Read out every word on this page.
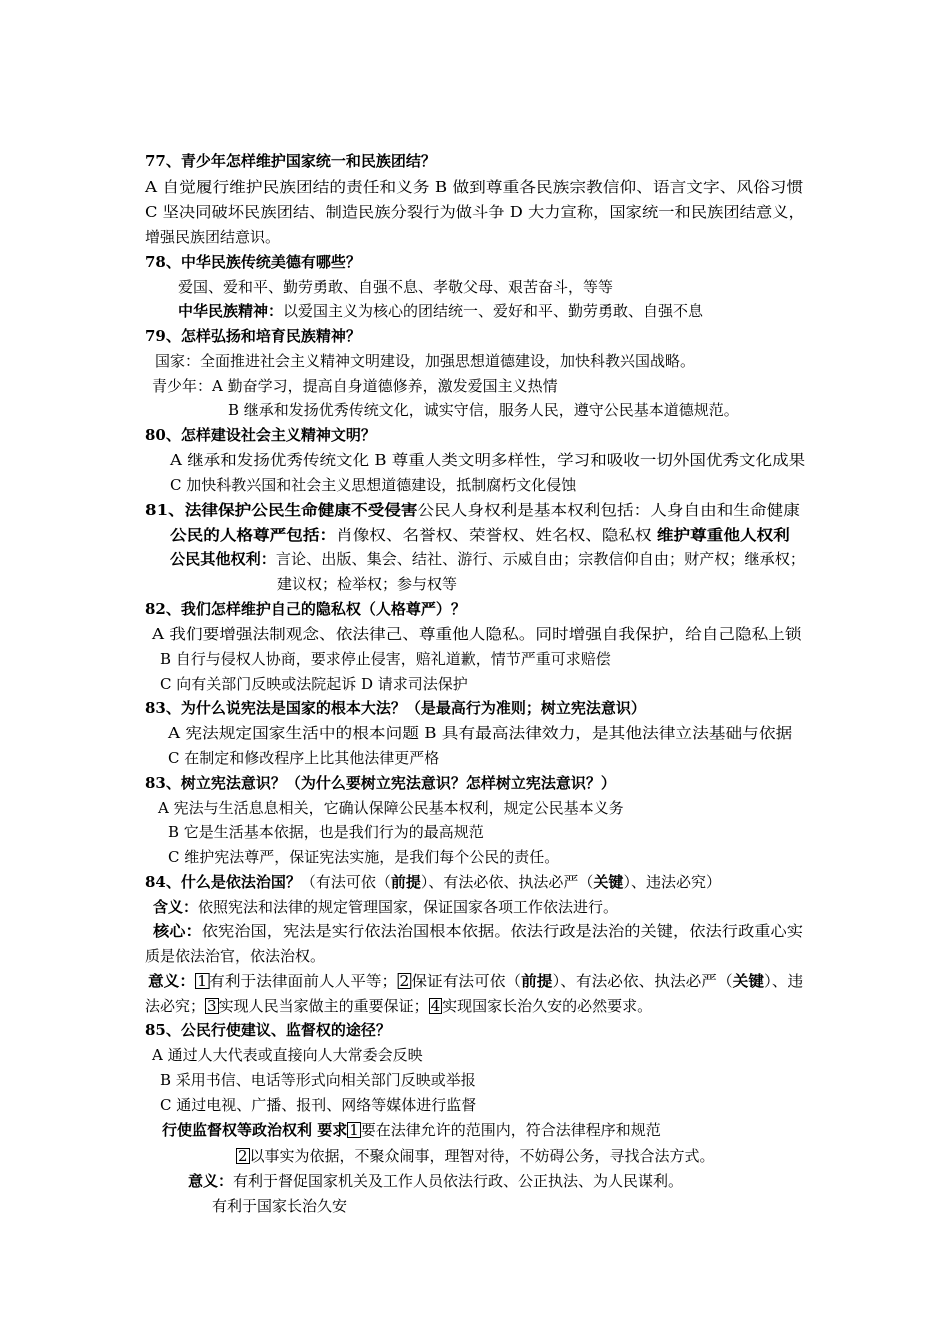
77、青少年怎样维护国家统一和民族团结？
A 自觉履行维护民族团结的责任和义务 B 做到尊重各民族宗教信仰、语言文字、风俗习惯
C 坚决同破坏民族团结、制造民族分裂行为做斗争 D 大力宣称，国家统一和民族团结意义，
增强民族团结意识。
78、中华民族传统美德有哪些？
爱国、爱和平、勤劳勇敢、自强不息、孝敬父母、艰苦奋斗，等等
中华民族精神：以爱国主义为核心的团结统一、爱好和平、勤劳勇敢、自强不息
79、怎样弘扬和培育民族精神？
国家：全面推进社会主义精神文明建设，加强思想道德建设，加快科教兴国战略。
青少年：A 勤奋学习，提高自身道德修养，激发爱国主义热情
B 继承和发扬优秀传统文化，诚实守信，服务人民，遵守公民基本道德规范。
80、怎样建设社会主义精神文明？
A 继承和发扬优秀传统文化 B 尊重人类文明多样性，学习和吸收一切外国优秀文化成果
C 加快科教兴国和社会主义思想道德建设，抵制腐朽文化侵蚀
81、法律保护公民生命健康不受侵害公民人身权利是基本权利包括：人身自由和生命健康
公民的人格尊严包括：肖像权、名誉权、荣誉权、姓名权、隐私权 维护尊重他人权利
公民其他权利：言论、出版、集会、结社、游行、示威自由；宗教信仰自由；财产权；继承权；
建议权；检举权；参与权等
82、我们怎样维护自己的隐私权（人格尊严）？
A 我们要增强法制观念、依法律己、尊重他人隐私。同时增强自我保护，给自己隐私上锁
B 自行与侵权人协商，要求停止侵害，赔礼道歉，情节严重可求赔偿
C 向有关部门反映或法院起诉 D 请求司法保护
83、为什么说宪法是国家的根本大法？（是最高行为准则；树立宪法意识）
A 宪法规定国家生活中的根本问题 B 具有最高法律效力，是其他法律立法基础与依据
C 在制定和修改程序上比其他法律更严格
83、树立宪法意识？（为什么要树立宪法意识？怎样树立宪法意识？）
A 宪法与生活息息相关，它确认保障公民基本权利，规定公民基本义务
B 它是生活基本依据，也是我们行为的最高规范
C 维护宪法尊严，保证宪法实施，是我们每个公民的责任。
84、什么是依法治国？（有法可依（前提）、有法必依、执法必严（关键）、违法必究）
含义：依照宪法和法律的规定管理国家，保证国家各项工作依法进行。
核心：依宪治国，宪法是实行依法治国根本依据。依法行政是法治的关键，依法行政重心实
质是依法治官，依法治权。
意义： 1 有利于法律面前人人平等； 2 保证有法可依（前提）、有法必依、执法必严（关键）、违
法必究； 3 实现人民当家做主的重要保证； 4 实现国家长治久安的必然要求。
85、公民行使建议、监督权的途径？
A 通过人大代表或直接向人大常委会反映
B 采用书信、电话等形式向相关部门反映或举报
C 通过电视、广播、报刊、网络等媒体进行监督
行使监督权等政治权利 要求 1 要在法律允许的范围内，符合法律程序和规范
2 以事实为依据，不聚众闹事，理智对待，不妨碍公务，寻找合法方式。
意义：有利于督促国家机关及工作人员依法行政、公正执法、为人民谋利。
有利于国家长治久安
